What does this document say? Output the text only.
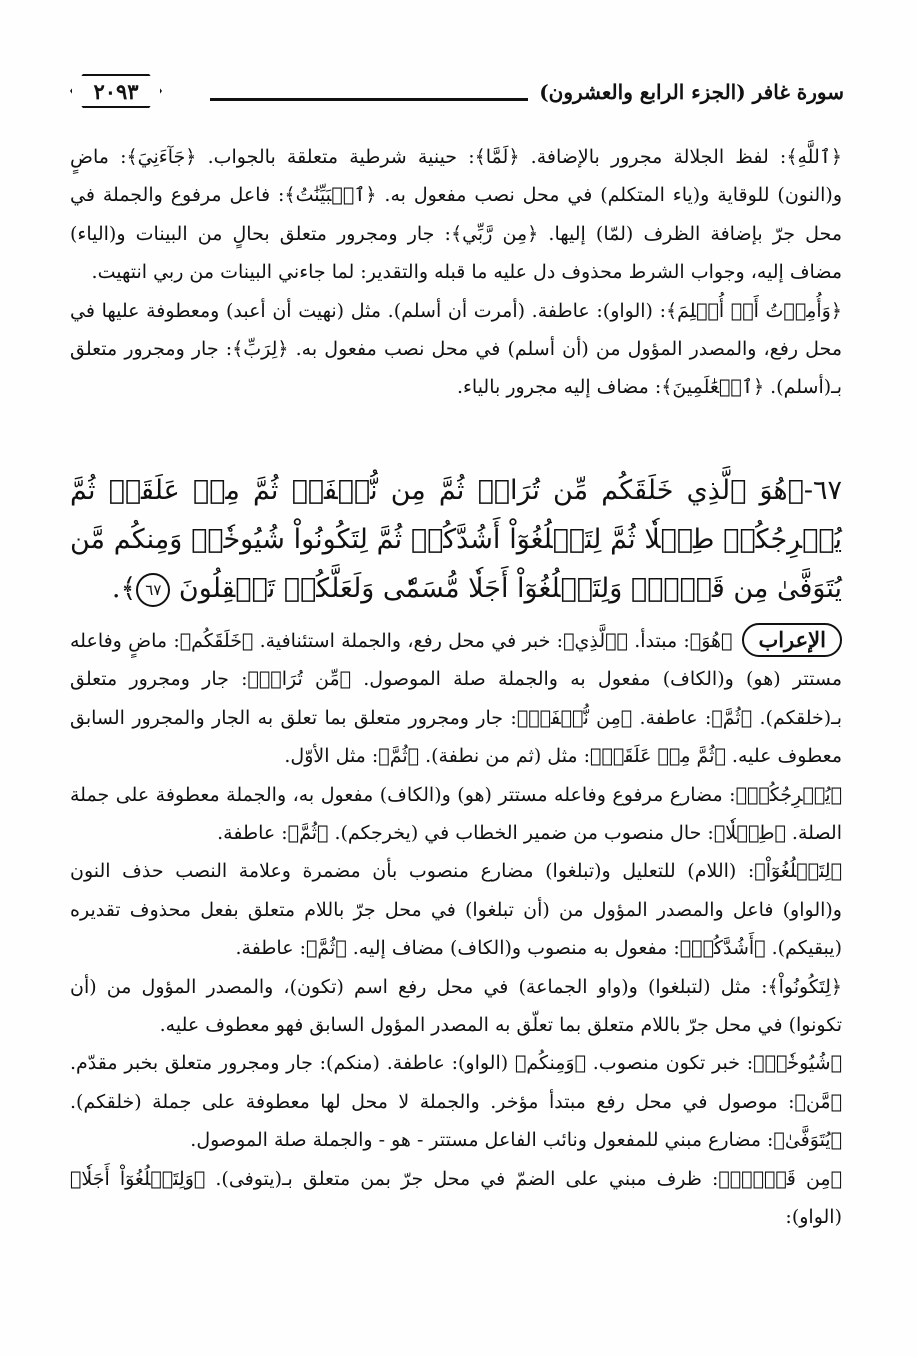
سورة غافر (الجزء الرابع والعشرون)
٢٠٩٣

﴿ٱللَّهِ﴾: لفظ الجلالة مجرور بالإضافة. ﴿لَمَّا﴾: حينية شرطية متعلقة بالجواب. ﴿جَآءَنِيَ﴾: ماضٍ و(النون) للوقاية و(ياء المتكلم) في محل نصب مفعول به. ﴿ٱلۡبَيِّنَٰتُ﴾: فاعل مرفوع والجملة في محل جرّ بإضافة الظرف (لمّا) إليها. ﴿مِن رَّبِّي﴾: جار ومجرور متعلق بحالٍ من البينات و(الياء) مضاف إليه، وجواب الشرط محذوف دل عليه ما قبله والتقدير: لما جاءني البينات من ربي انتهيت.

﴿وَأُمِرۡتُ أَنۡ أُسۡلِمَ﴾: (الواو): عاطفة. (أمرت أن أسلم). مثل (نهيت أن أعبد) ومعطوفة عليها في محل رفع، والمصدر المؤول من (أن أسلم) في محل نصب مفعول به. ﴿لِرَبِّ﴾: جار ومجرور متعلق بـ(أسلم). ﴿ٱلۡعَٰلَمِينَ﴾: مضاف إليه مجرور بالياء.

٦٧-﴿هُوَ ٱلَّذِي خَلَقَكُم مِّن تُرَابٖ ثُمَّ مِن نُّطۡفَةٖ ثُمَّ مِنۡ عَلَقَةٖ ثُمَّ يُخۡرِجُكُمۡ طِفۡلٗا ثُمَّ لِتَبۡلُغُوٓاْ أَشُدَّكُمۡ ثُمَّ لِتَكُونُواْ شُيُوخٗاۚ وَمِنكُم مَّن يُتَوَفَّىٰ مِن قَبۡلُۖ وَلِتَبۡلُغُوٓاْ أَجَلٗا مُّسَمّٗى وَلَعَلَّكُمۡ تَعۡقِلُونَ ٦٧﴾.

الإعراب﴿هُوَ﴾: مبتدأ. ﴿ٱلَّذِي﴾: خبر في محل رفع، والجملة استئنافية. ﴿خَلَقَكُم﴾: ماضٍ وفاعله مستتر (هو) و(الكاف) مفعول به والجملة صلة الموصول. ﴿مِّن تُرَابٖ﴾: جار ومجرور متعلق بـ(خلقكم). ﴿ثُمَّ﴾: عاطفة. ﴿مِن نُّطۡفَةٖ﴾: جار ومجرور متعلق بما تعلق به الجار والمجرور السابق معطوف عليه. ﴿ثُمَّ مِنۡ عَلَقَةٖ﴾: مثل (ثم من نطفة). ﴿ثُمَّ﴾: مثل الأوّل.

﴿يُخۡرِجُكُمۡ﴾: مضارع مرفوع وفاعله مستتر (هو) و(الكاف) مفعول به، والجملة معطوفة على جملة الصلة. ﴿طِفۡلٗا﴾: حال منصوب من ضمير الخطاب في (يخرجكم). ﴿ثُمَّ﴾: عاطفة.

﴿لِتَبۡلُغُوٓاْ﴾: (اللام) للتعليل و(تبلغوا) مضارع منصوب بأن مضمرة وعلامة النصب حذف النون و(الواو) فاعل والمصدر المؤول من (أن تبلغوا) في محل جرّ باللام متعلق بفعل محذوف تقديره (يبقيكم). ﴿أَشُدَّكُمۡ﴾: مفعول به منصوب و(الكاف) مضاف إليه. ﴿ثُمَّ﴾: عاطفة.

﴿لِتَكُونُواْ﴾: مثل (لتبلغوا) و(واو الجماعة) في محل رفع اسم (تكون)، والمصدر المؤول من (أن تكونوا) في محل جرّ باللام متعلق بما تعلّق به المصدر المؤول السابق فهو معطوف عليه.

﴿شُيُوخٗاۚ﴾: خبر تكون منصوب. ﴿وَمِنكُم﴾ (الواو): عاطفة. (منكم): جار ومجرور متعلق بخبر مقدّم. ﴿مَّن﴾: موصول في محل رفع مبتدأ مؤخر. والجملة لا محل لها معطوفة على جملة (خلقكم). ﴿يُتَوَفَّىٰ﴾: مضارع مبني للمفعول ونائب الفاعل مستتر - هو - والجملة صلة الموصول.

﴿مِن قَبۡلُۖ﴾: ظرف مبني على الضمّ في محل جرّ بمن متعلق بـ(يتوفى). ﴿وَلِتَبۡلُغُوٓاْ أَجَلٗا﴾ (الواو):
